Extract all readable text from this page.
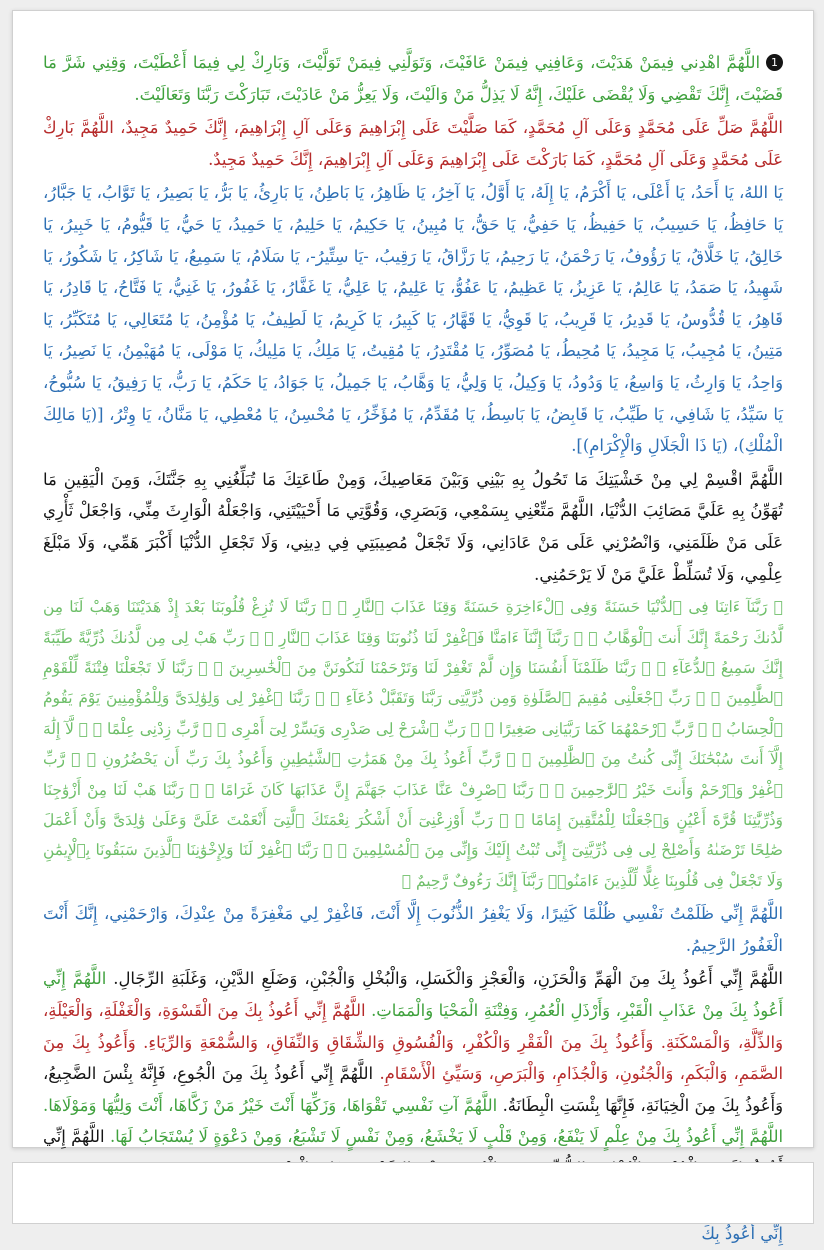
1اللَّهُمَّ اهْدِني فِيمَنْ هَدَيْتَ، وَعَافِنِي فِيمَنْ عَافَيْتَ، وَتَوَلَّنِي فِيمَنْ تَوَلَّيْتَ، وَبَارِكْ لِي فِيمَا أَعْطَيْتَ، وَقِنِي شَرَّ مَا قَضَيْتَ، إِنَّكَ تَقْضِي وَلَا يُقْضَى عَلَيْكَ، إِنَّهُ لَا يَذِلُّ مَنْ وَالَيْتَ، وَلَا يَعِزُّ مَنْ عَادَيْتَ، تَبَارَكْتَ رَبَّنَا وَتَعَالَيْتَ.

اللَّهُمَّ صَلِّ عَلَى مُحَمَّدٍ وَعَلَى آلِ مُحَمَّدٍ، كَمَا صَلَّيْتَ عَلَى إِبْرَاهِيمَ وَعَلَى آلِ إِبْرَاهِيمَ، إِنَّكَ حَمِيدٌ مَجِيدٌ، اللَّهُمَّ بَارِكْ عَلَى مُحَمَّدٍ وَعَلَى آلِ مُحَمَّدٍ، كَمَا بَارَكْتَ عَلَى إِبْرَاهِيمَ وَعَلَى آلِ إِبْرَاهِيمَ، إِنَّكَ حَمِيدٌ مَجِيدٌ.

يَا اللهُ، يَا أَحَدُ، يَا أَعْلَى، يَا أَكْرَمُ، يَا إِلَهُ، يَا أَوَّلُ، يَا آخِرُ، يَا ظَاهِرُ، يَا بَاطِنُ، يَا بَارِئُ، يَا بَرُّ، يَا بَصِيرُ، يَا تَوَّابُ، يَا جَبَّارُ، يَا حَافِظُ، يَا حَسِيبُ، يَا حَفِيظُ، يَا حَفِيُّ، يَا حَقُّ، يَا مُبِينُ، يَا حَكِيمُ، يَا حَلِيمُ، يَا حَمِيدُ، يَا حَيُّ، يَا قَيُّومُ، يَا خَبِيرُ، يَا خَالِقُ، يَا خَلَّاقُ، يَا رَؤُوفُ، يَا رَحْمَنُ، يَا رَحِيمُ، يَا رَزَّاقُ، يَا رَقِيبُ، -يَا سِتِّيرُ-، يَا سَلَامُ، يَا سَمِيعُ، يَا شَاكِرُ، يَا شَكُورُ، يَا شَهِيدُ، يَا صَمَدُ، يَا عَالِمُ، يَا عَزِيزُ، يَا عَظِيمُ، يَا عَفُوُّ، يَا عَلِيمُ، يَا عَلِيُّ، يَا غَفَّارُ، يَا غَفُورُ، يَا غَنِيُّ، يَا فَتَّاحُ، يَا قَادِرُ، يَا قَاهِرُ، يَا قُدُّوسُ، يَا قَدِيرُ، يَا قَرِيبُ، يَا قَوِيُّ، يَا قَهَّارُ، يَا كَبِيرُ، يَا كَرِيمُ، يَا لَطِيفُ، يَا مُؤْمِنُ، يَا مُتَعَالِي، يَا مُتَكَبِّرُ، يَا مَتِينُ، يَا مُجِيبُ، يَا مَجِيدُ، يَا مُحِيطُ، يَا مُصَوِّرُ، يَا مُقْتَدِرُ، يَا مُقِيتُ، يَا مَلِكُ، يَا مَلِيكُ، يَا مَوْلَى، يَا مُهَيْمِنُ، يَا نَصِيرُ، يَا وَاحِدُ، يَا وَارِثُ، يَا وَاسِعُ، يَا وَدُودُ، يَا وَكِيلُ، يَا وَلِيُّ، يَا وَهَّابُ، يَا جَمِيلُ، يَا جَوَادُ، يَا حَكَمُ، يَا رَبُّ، يَا رَفِيقُ، يَا سُبُّوحُ، يَا سَيِّدُ، يَا شَافِي، يَا طَيِّبُ، يَا قَابِضُ، يَا بَاسِطُ، يَا مُقَدِّمُ، يَا مُؤَخِّرُ، يَا مُحْسِنُ، يَا مُعْطِي، يَا مَنَّانُ، يَا وِتْرُ، [(يَا مَالِكَ الْمُلْكِ)، (يَا ذَا الْجَلَالِ وَالْإِكْرَامِ)].

اللَّهُمَّ اقْسِمْ لِي مِنْ خَشْيَتِكَ مَا تَحُولُ بِهِ بَيْنِي وَبَيْنَ مَعَاصِيكَ، وَمِنْ طَاعَتِكَ مَا تُبَلِّغُنِي بِهِ جَنَّتَكَ، وَمِنَ الْيَقِينِ مَا تُهَوِّنُ بِهِ عَلَيَّ مَصَائِبَ الدُّنْيَا، اللَّهُمَّ مَتِّعْنِي بِسَمْعِي، وَبَصَرِي، وَقُوَّتِي مَا أَحْيَيْتَنِي، وَاجْعَلْهُ الْوَارِثَ مِنِّي، وَاجْعَلْ ثَأْرِي عَلَى مَنْ ظَلَمَنِي، وَانْصُرْنِي عَلَى مَنْ عَادَانِي، وَلَا تَجْعَلْ مُصِيبَتِي فِي دِينِي، وَلَا تَجْعَلِ الدُّنْيَا أَكْبَرَ هَمِّي، وَلَا مَبْلَغَ عِلْمِي، وَلَا تُسَلِّطْ عَلَيَّ مَنْ لَا يَرْحَمُنِي.

﴿ رَبَّنَآ ءَاتِنَا فِى ٱلدُّنْيَا حَسَنَةً وَفِى ٱلْءَاخِرَةِ حَسَنَةً وَقِنَا عَذَابَ ٱلنَّارِ ﴾ ﴿ رَبَّنَا لَا تُزِغْ قُلُوبَنَا بَعْدَ إِذْ هَدَيْتَنَا وَهَبْ لَنَا مِن لَّدُنكَ رَحْمَةً إِنَّكَ أَنتَ ٱلْوَهَّابُ ﴾ ﴿ رَبَّنَآ إِنَّنَآ ءَامَنَّا فَٱغْفِرْ لَنَا ذُنُوبَنَا وَقِنَا عَذَابَ ٱلنَّارِ ﴾ ﴿ رَبِّ هَبْ لِى مِن لَّدُنكَ ذُرِّيَّةً طَيِّبَةً إِنَّكَ سَمِيعُ ٱلدُّعَآءِ ﴾ ﴿ رَبَّنَا ظَلَمْنَآ أَنفُسَنَا وَإِن لَّمْ تَغْفِرْ لَنَا وَتَرْحَمْنَا لَنَكُونَنَّ مِنَ ٱلْخَٰسِرِينَ ﴾ ﴿ رَبَّنَا لَا تَجْعَلْنَا فِتْنَةً لِّلْقَوْمِ ٱلظَّٰلِمِينَ ﴾ ﴿ رَبِّ ٱجْعَلْنِى مُقِيمَ ٱلصَّلَوٰةِ وَمِن ذُرِّيَّتِى رَبَّنَا وَتَقَبَّلْ دُعَآءِ ﴾ ﴿ رَبَّنَا ٱغْفِرْ لِى وَلِوَٰلِدَىَّ وَلِلْمُؤْمِنِينَ يَوْمَ يَقُومُ ٱلْحِسَابُ ﴾ ﴿ رَّبِّ ٱرْحَمْهُمَا كَمَا رَبَّيَانِى صَغِيرًا ﴾ ﴿ رَبِّ ٱشْرَحْ لِى صَدْرِى وَيَسِّرْ لِىٓ أَمْرِى ﴾ ﴿ رَّبِّ زِدْنِى عِلْمًا ﴾ ﴿ لَّآ إِلَٰهَ إِلَّآ أَنتَ سُبْحَٰنَكَ إِنِّى كُنتُ مِنَ ٱلظَّٰلِمِينَ ﴾ ﴿ رَّبِّ أَعُوذُ بِكَ مِنْ هَمَزَٰتِ ٱلشَّيَٰطِينِ وَأَعُوذُ بِكَ رَبِّ أَن يَحْضُرُونِ ﴾ ﴿ رَّبِّ ٱغْفِرْ وَٱرْحَمْ وَأَنتَ خَيْرُ ٱلرَّٰحِمِينَ ﴾ ﴿ رَبَّنَا ٱصْرِفْ عَنَّا عَذَابَ جَهَنَّمَ إِنَّ عَذَابَهَا كَانَ غَرَامًا ﴾ ﴿ رَبَّنَا هَبْ لَنَا مِنْ أَزْوَٰجِنَا وَذُرِّيَّٰتِنَا قُرَّةَ أَعْيُنٍ وَٱجْعَلْنَا لِلْمُتَّقِينَ إِمَامًا ﴾ ﴿ رَبِّ أَوْزِعْنِىٓ أَنْ أَشْكُرَ نِعْمَتَكَ ٱلَّتِىٓ أَنْعَمْتَ عَلَىَّ وَعَلَىٰ وَٰلِدَىَّ وَأَنْ أَعْمَلَ صَٰلِحًا تَرْضَىٰهُ وَأَصْلِحْ لِى فِى ذُرِّيَّتِىٓ إِنِّى تُبْتُ إِلَيْكَ وَإِنِّى مِنَ ٱلْمُسْلِمِينَ ﴾ ﴿ رَبَّنَا ٱغْفِرْ لَنَا وَلِإِخْوَٰنِنَا ٱلَّذِينَ سَبَقُونَا بِٱلْإِيمَٰنِ وَلَا تَجْعَلْ فِى قُلُوبِنَا غِلًّا لِّلَّذِينَ ءَامَنُوا۟ رَبَّنَآ إِنَّكَ رَءُوفٌ رَّحِيمٌ ﴾

اللَّهُمَّ إِنِّي ظَلَمْتُ نَفْسِي ظُلْمًا كَثِيرًا، وَلَا يَغْفِرُ الذُّنُوبَ إِلَّا أَنْتَ، فَاغْفِرْ لِي مَغْفِرَةً مِنْ عِنْدِكَ، وَارْحَمْنِي، إِنَّكَ أَنْتَ الْغَفُورُ الرَّحِيمُ.

اللَّهُمَّ إِنِّي أَعُوذُ بِكَ مِنَ الْهَمِّ وَالْحَزَنِ، وَالْعَجْزِ وَالْكَسَلِ، وَالْبُخْلِ وَالْجُبْنِ، وَضَلَعِ الدَّيْنِ، وَغَلَبَةِ الرِّجَالِ. اللَّهُمَّ إِنِّي أَعُوذُ بِكَ مِنْ عَذَابِ الْقَبْرِ، وَأَرْذَلِ الْعُمُرِ، وَفِتْنَةِ الْمَحْيَا وَالْمَمَاتِ. اللَّهُمَّ إِنِّي أَعُوذُ بِكَ مِنَ الْقَسْوَةِ، وَالْغَفْلَةِ، وَالْعَيْلَةِ، وَالذِّلَّةِ، وَالْمَسْكَنَةِ. وَأَعُوذُ بِكَ مِنَ الْفَقْرِ وَالْكُفْرِ، وَالْفُسُوقِ وَالشِّقَاقِ وَالنِّفَاقِ، وَالسُّمْعَةِ وَالرِّيَاءِ. وَأَعُوذُ بِكَ مِنَ الصَّمَمِ، وَالْبَكَمِ، وَالْجُنُونِ، وَالْجُذَامِ، وَالْبَرَصِ، وَسَيِّئِ الْأَسْقَامِ. اللَّهُمَّ إِنِّي أَعُوذُ بِكَ مِنَ الْجُوعِ، فَإِنَّهُ بِئْسَ الضَّجِيعُ، وَأَعُوذُ بِكَ مِنَ الْخِيَانَةِ، فَإِنَّهَا بِئْسَتِ الْبِطَانَةُ. اللَّهُمَّ آتِ نَفْسِي تَقْوَاهَا، وَزَكِّهَا أَنْتَ خَيْرُ مَنْ زَكَّاهَا، أَنْتَ وَلِيُّهَا وَمَوْلَاهَا. اللَّهُمَّ إِنِّي أَعُوذُ بِكَ مِنْ عِلْمٍ لَا يَنْفَعُ، وَمِنْ قَلْبٍ لَا يَخْشَعُ، وَمِنْ نَفْسٍ لَا تَشْبَعُ، وَمِنْ دَعْوَةٍ لَا يُسْتَجَابُ لَهَا. اللَّهُمَّ إِنِّي

إِنِّي أَعُوذُ بِكَ
